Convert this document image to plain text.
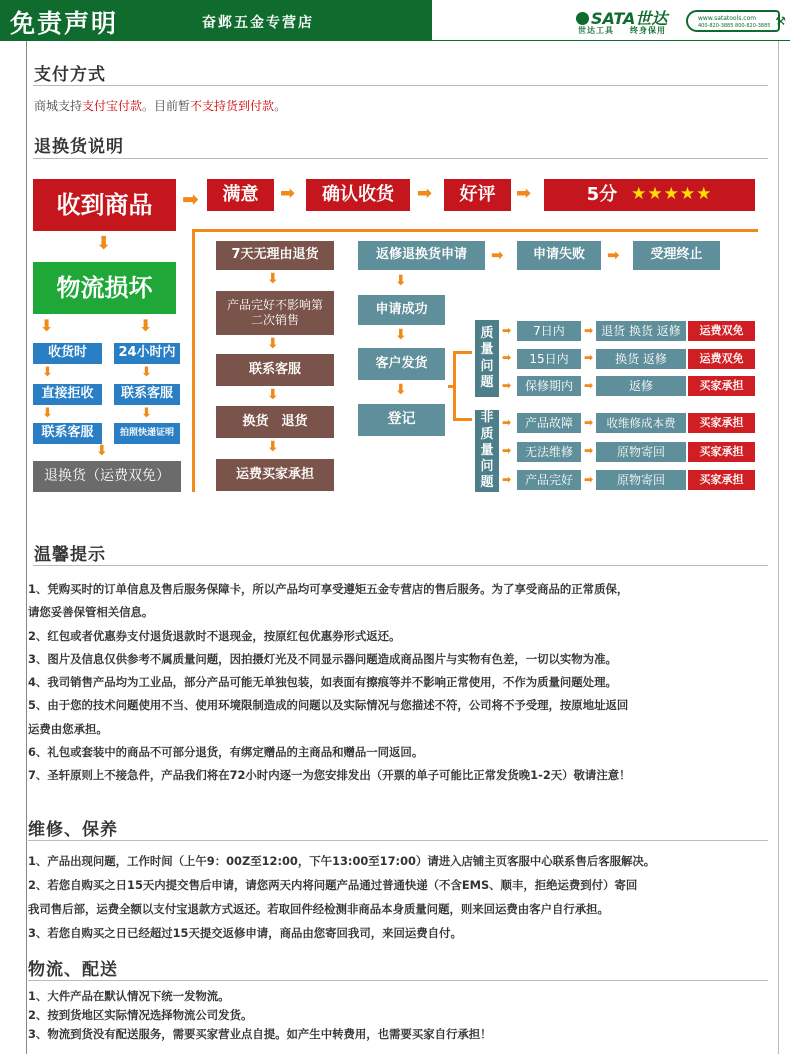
免责声明	奋邺五金专营店	SATA世达
世达工具 终身保用
www.satatools.com
400-820-3885 800-820-3885 ⚒
支付方式
商城支持支付宝付款。目前暂不支持货到付款。
退换货说明
收到商品	➡	满意	➡	确认收货	➡	好评	➡	5分 ★★★★★
⬇
物流损坏
⬇	⬇
收货时	24小时内
⬇	⬇
直接拒收	联系客服
⬇	⬇
联系客服	拍照快递证明
⬇
退换货（运费双免）
7天无理由退货
⬇
产品完好不影响第二次销售
⬇
联系客服
⬇
换货　退货
⬇
运费买家承担
返修退换货申请	➡	申请失败	➡	受理终止
⬇
申请成功
⬇
客户发货
⬇
登记
质量问题
非质量问题
➡	7日内	➡ 退货 换货 返修	运费双免
➡	15日内	➡	换货 返修	运费双免
➡	保修期内	➡	返修	买家承担
➡	产品故障	➡	收维修成本费	买家承担
➡	无法维修	➡	原物寄回	买家承担
➡	产品完好	➡	原物寄回	买家承担
温馨提示
1、凭购买时的订单信息及售后服务保障卡，所以产品均可享受遵矩五金专营店的售后服务。为了享受商品的正常质保，
请您妥善保管相关信息。
2、红包或者优惠券支付退货退款时不退现金，按原红包优惠券形式返还。
3、图片及信息仅供参考不属质量问题，因拍摄灯光及不同显示器问题造成商品图片与实物有色差，一切以实物为准。
4、我司销售产品均为工业品，部分产品可能无单独包装，如表面有擦痕等并不影响正常使用，不作为质量问题处理。
5、由于您的技术问题使用不当、使用环境限制造成的问题以及实际情况与您描述不符，公司将不予受理，按原地址返回
运费由您承担。
6、礼包或套装中的商品不可部分退货，有绑定赠品的主商品和赠品一同返回。
7、圣轩原则上不接急件，产品我们将在72小时内逐一为您安排发出（开票的单子可能比正常发货晚1-2天）敬请注意！
维修、保养
1、产品出现问题，工作时间（上午9：00Z至12:00，下午13:00至17:00）请进入店铺主页客服中心联系售后客服解决。
2、若您自购买之日15天内提交售后申请，请您两天内将问题产品通过普通快递（不含EMS、顺丰，拒绝运费到付）寄回
我司售后部，运费全额以支付宝退款方式返还。若取回件经检测非商品本身质量问题，则来回运费由客户自行承担。
3、若您自购买之日已经超过15天提交返修申请，商品由您寄回我司，来回运费自付。
物流、配送
1、大件产品在默认情况下统一发物流。
2、按到货地区实际情况选择物流公司发货。
3、物流到货没有配送服务，需要买家营业点自提。如产生中转费用，也需要买家自行承担！
